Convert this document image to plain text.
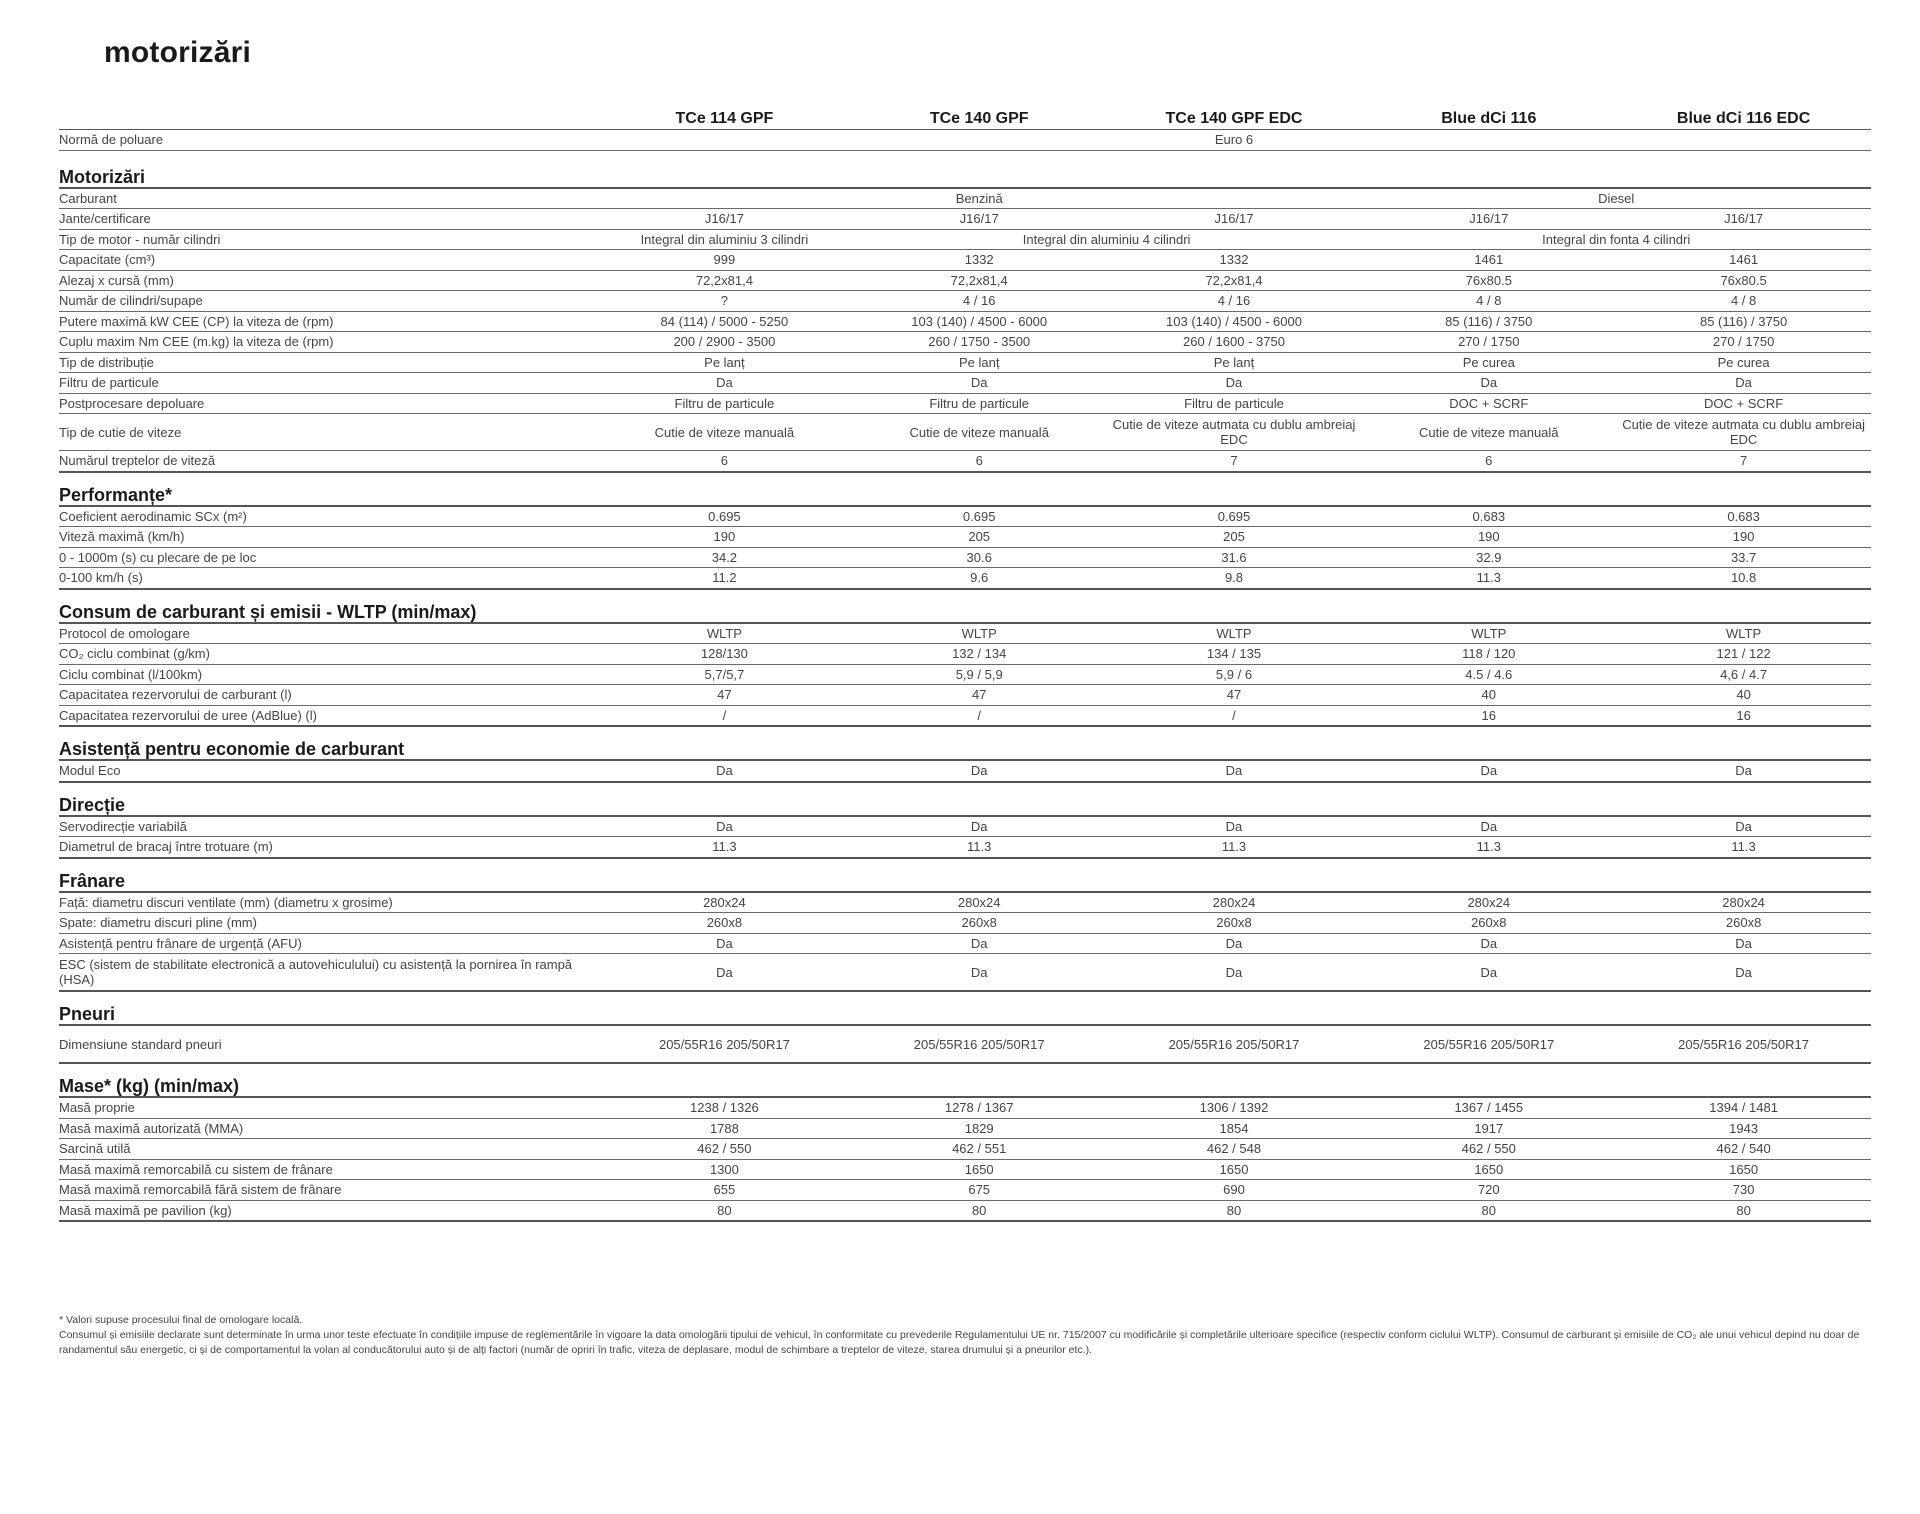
motorizări
	TCe 114 GPF	TCe 140 GPF	TCe 140 GPF EDC	Blue dCi 116	Blue dCi 116 EDC
Normă de poluare	Euro 6				
Motorizări					
Carburant	Benzină			Diesel	
Jante/certificare	J16/17	J16/17	J16/17	J16/17	J16/17
Tip de motor - număr cilindri	Integral din aluminiu 3 cilindri	Integral din aluminiu 4 cilindri		Integral din fonta 4 cilindri	
Capacitate (cm³)	999	1332	1332	1461	1461
Alezaj x cursă (mm)	72,2x81,4	72,2x81,4	72,2x81,4	76x80.5	76x80.5
Număr de cilindri/supape	?	4 / 16	4 / 16	4 / 8	4 / 8
Putere maximă kW CEE (CP) la viteza de (rpm)	84 (114) / 5000 - 5250	103 (140) / 4500 - 6000	103 (140) / 4500 - 6000	85 (116) / 3750	85 (116) / 3750
Cuplu maxim Nm CEE (m.kg) la viteza de (rpm)	200 / 2900 - 3500	260 / 1750 - 3500	260 / 1600 - 3750	270 / 1750	270 / 1750
Tip de distribuție	Pe lanț	Pe lanț	Pe lanț	Pe curea	Pe curea
Filtru de particule	Da	Da	Da	Da	Da
Postprocesare depoluare	Filtru de particule	Filtru de particule	Filtru de particule	DOC + SCRF	DOC + SCRF
Tip de cutie de viteze	Cutie de viteze manuală	Cutie de viteze manuală	Cutie de viteze autmata cu dublu ambreiaj EDC	Cutie de viteze manuală	Cutie de viteze autmata cu dublu ambreiaj EDC
Numărul treptelor de viteză	6	6	7	6	7
Performanțe*					
Coeficient aerodinamic SCx (m²)	0.695	0.695	0.695	0.683	0.683
Viteză maximă (km/h)	190	205	205	190	190
0 - 1000m (s) cu plecare de pe loc	34.2	30.6	31.6	32.9	33.7
0-100 km/h (s)	11.2	9.6	9.8	11.3	10.8
Consum de carburant și emisii - WLTP (min/max)					
Protocol de omologare	WLTP	WLTP	WLTP	WLTP	WLTP
CO₂ ciclu combinat (g/km)	128/130	132 / 134	134 / 135	118 / 120	121 / 122
Ciclu combinat (l/100km)	5,7/5,7	5,9 / 5,9	5,9 / 6	4.5 / 4.6	4,6 / 4.7
Capacitatea rezervorului de carburant (l)	47	47	47	40	40
Capacitatea rezervorului de uree (AdBlue) (l)	/	/	/	16	16
Asistență pentru economie de carburant					
Modul Eco	Da	Da	Da	Da	Da
Direcție					
Servodirecție variabilă	Da	Da	Da	Da	Da
Diametrul de bracaj între trotuare (m)	11.3	11.3	11.3	11.3	11.3
Frânare					
Față: diametru discuri ventilate (mm) (diametru x grosime)	280x24	280x24	280x24	280x24	280x24
Spate: diametru discuri pline (mm)	260x8	260x8	260x8	260x8	260x8
Asistență pentru frânare de urgență (AFU)	Da	Da	Da	Da	Da
ESC (sistem de stabilitate electronică a autovehiculului) cu asistență la pornirea în rampă (HSA)	Da	Da	Da	Da	Da
Pneuri					
Dimensiune standard pneuri	205/55R16 205/50R17	205/55R16 205/50R17	205/55R16 205/50R17	205/55R16 205/50R17	205/55R16 205/50R17
Mase* (kg) (min/max)					
Masă proprie	1238 / 1326	1278 / 1367	1306 / 1392	1367 / 1455	1394 / 1481
Masă maximă autorizată (MMA)	1788	1829	1854	1917	1943
Sarcină utilă	462 / 550	462 / 551	462 / 548	462 / 550	462 / 540
Masă maximă remorcabilă cu sistem de frânare	1300	1650	1650	1650	1650
Masă maximă remorcabilă fără sistem de frânare	655	675	690	720	730
Masă maximă pe pavilion (kg)	80	80	80	80	80

* Valori supuse procesului final de omologare locală.

Consumul și emisiile declarate sunt determinate în urma unor teste efectuate în condițiile impuse de reglementările în vigoare la data omologării tipului de vehicul, în conformitate cu prevederile Regulamentului UE nr. 715/2007 cu modificările și completările ulterioare specifice (respectiv conform ciclului WLTP). Consumul de carburant și emisiile de CO₂ ale unui vehicul depind nu doar de randamentul său energetic, ci și de comportamentul la volan al conducătorului auto și de alți factori (număr de opriri în trafic, viteza de deplasare, modul de schimbare a treptelor de viteze, starea drumului și a pneurilor etc.).
